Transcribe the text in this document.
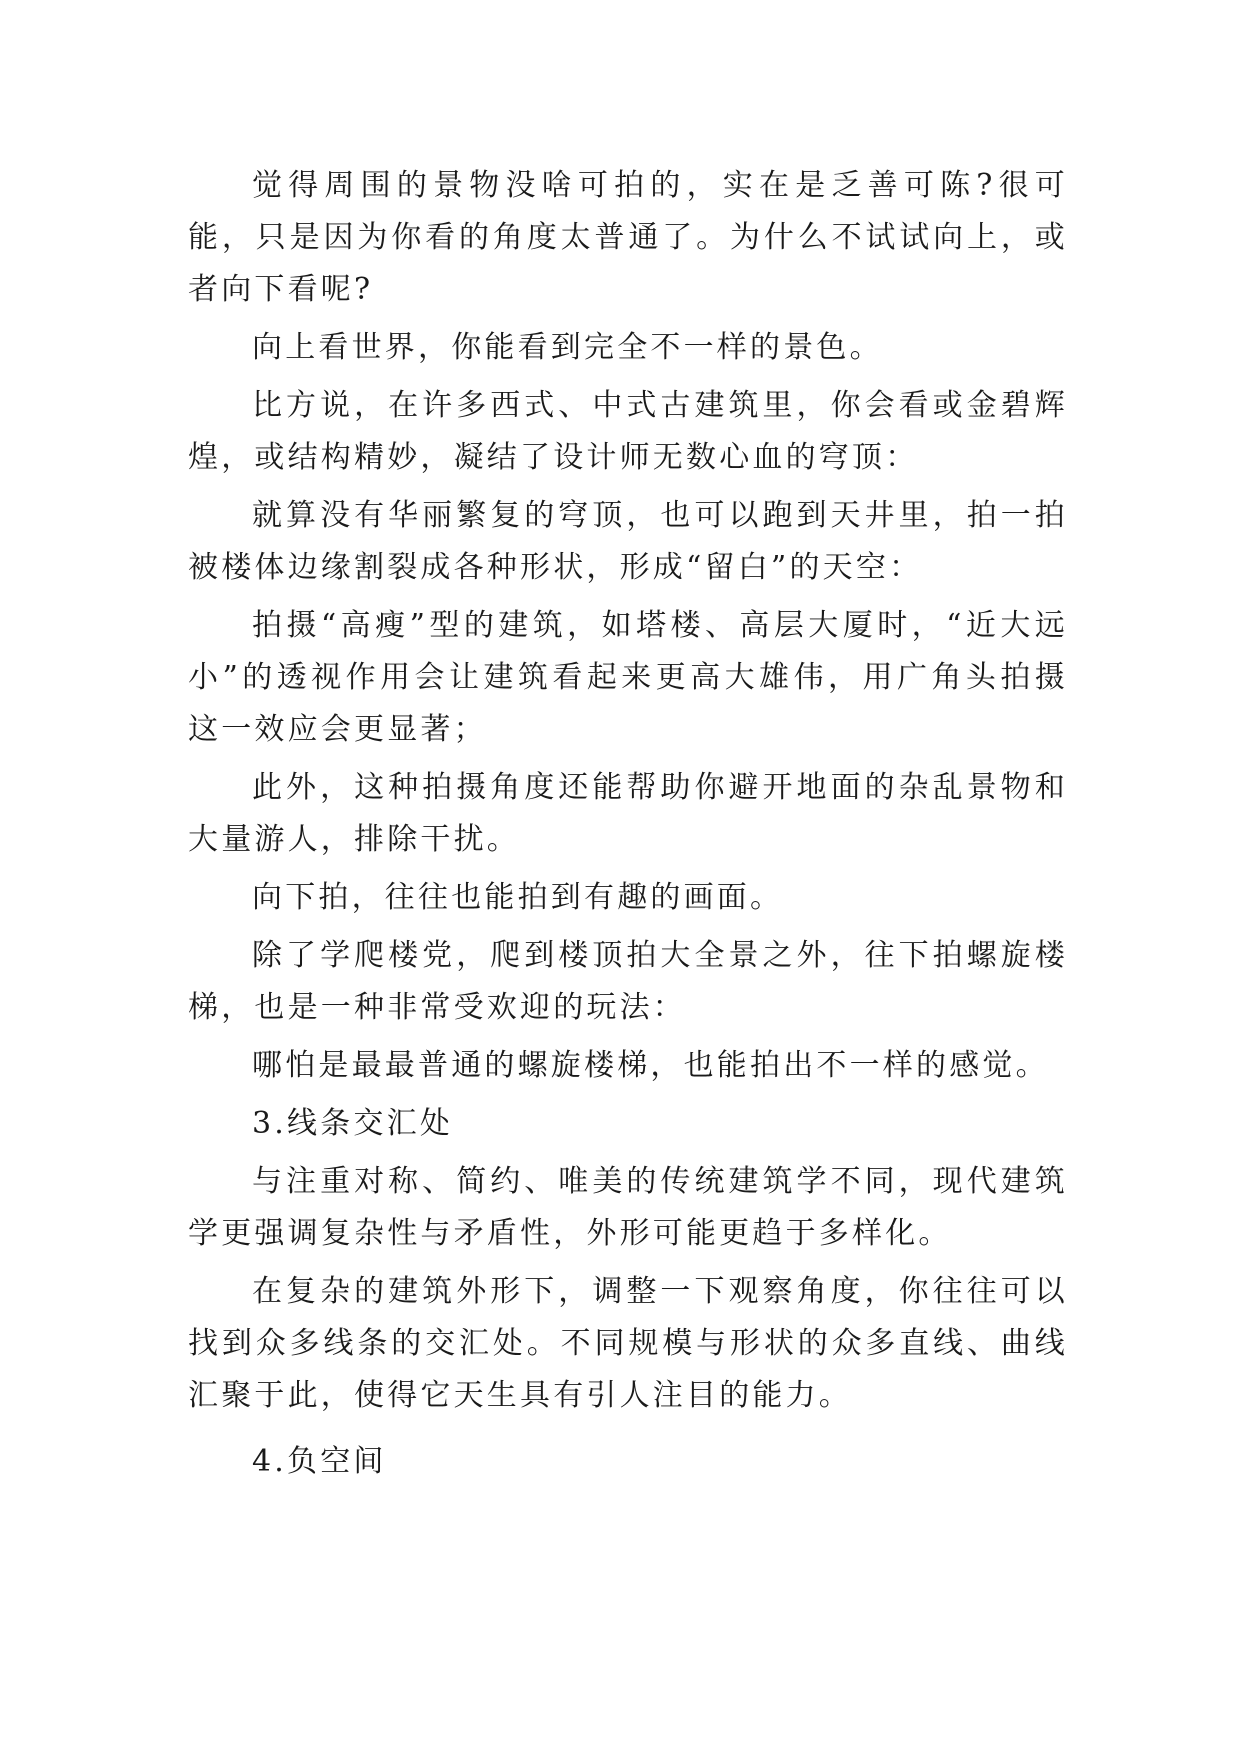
觉得周围的景物没啥可拍的，实在是乏善可陈?很可能，只是因为你看的角度太普通了。为什么不试试向上，或者向下看呢?

向上看世界，你能看到完全不一样的景色。

比方说，在许多西式、中式古建筑里，你会看或金碧辉煌，或结构精妙，凝结了设计师无数心血的穹顶：

就算没有华丽繁复的穹顶，也可以跑到天井里，拍一拍被楼体边缘割裂成各种形状，形成“留白”的天空：

拍摄“高瘦”型的建筑，如塔楼、高层大厦时，“近大远小”的透视作用会让建筑看起来更高大雄伟，用广角头拍摄这一效应会更显著；

此外，这种拍摄角度还能帮助你避开地面的杂乱景物和大量游人，排除干扰。

向下拍，往往也能拍到有趣的画面。

除了学爬楼党，爬到楼顶拍大全景之外，往下拍螺旋楼梯，也是一种非常受欢迎的玩法：

哪怕是最最普通的螺旋楼梯，也能拍出不一样的感觉。

3.线条交汇处

与注重对称、简约、唯美的传统建筑学不同，现代建筑学更强调复杂性与矛盾性，外形可能更趋于多样化。

在复杂的建筑外形下，调整一下观察角度，你往往可以找到众多线条的交汇处。不同规模与形状的众多直线、曲线汇聚于此，使得它天生具有引人注目的能力。

4.负空间
